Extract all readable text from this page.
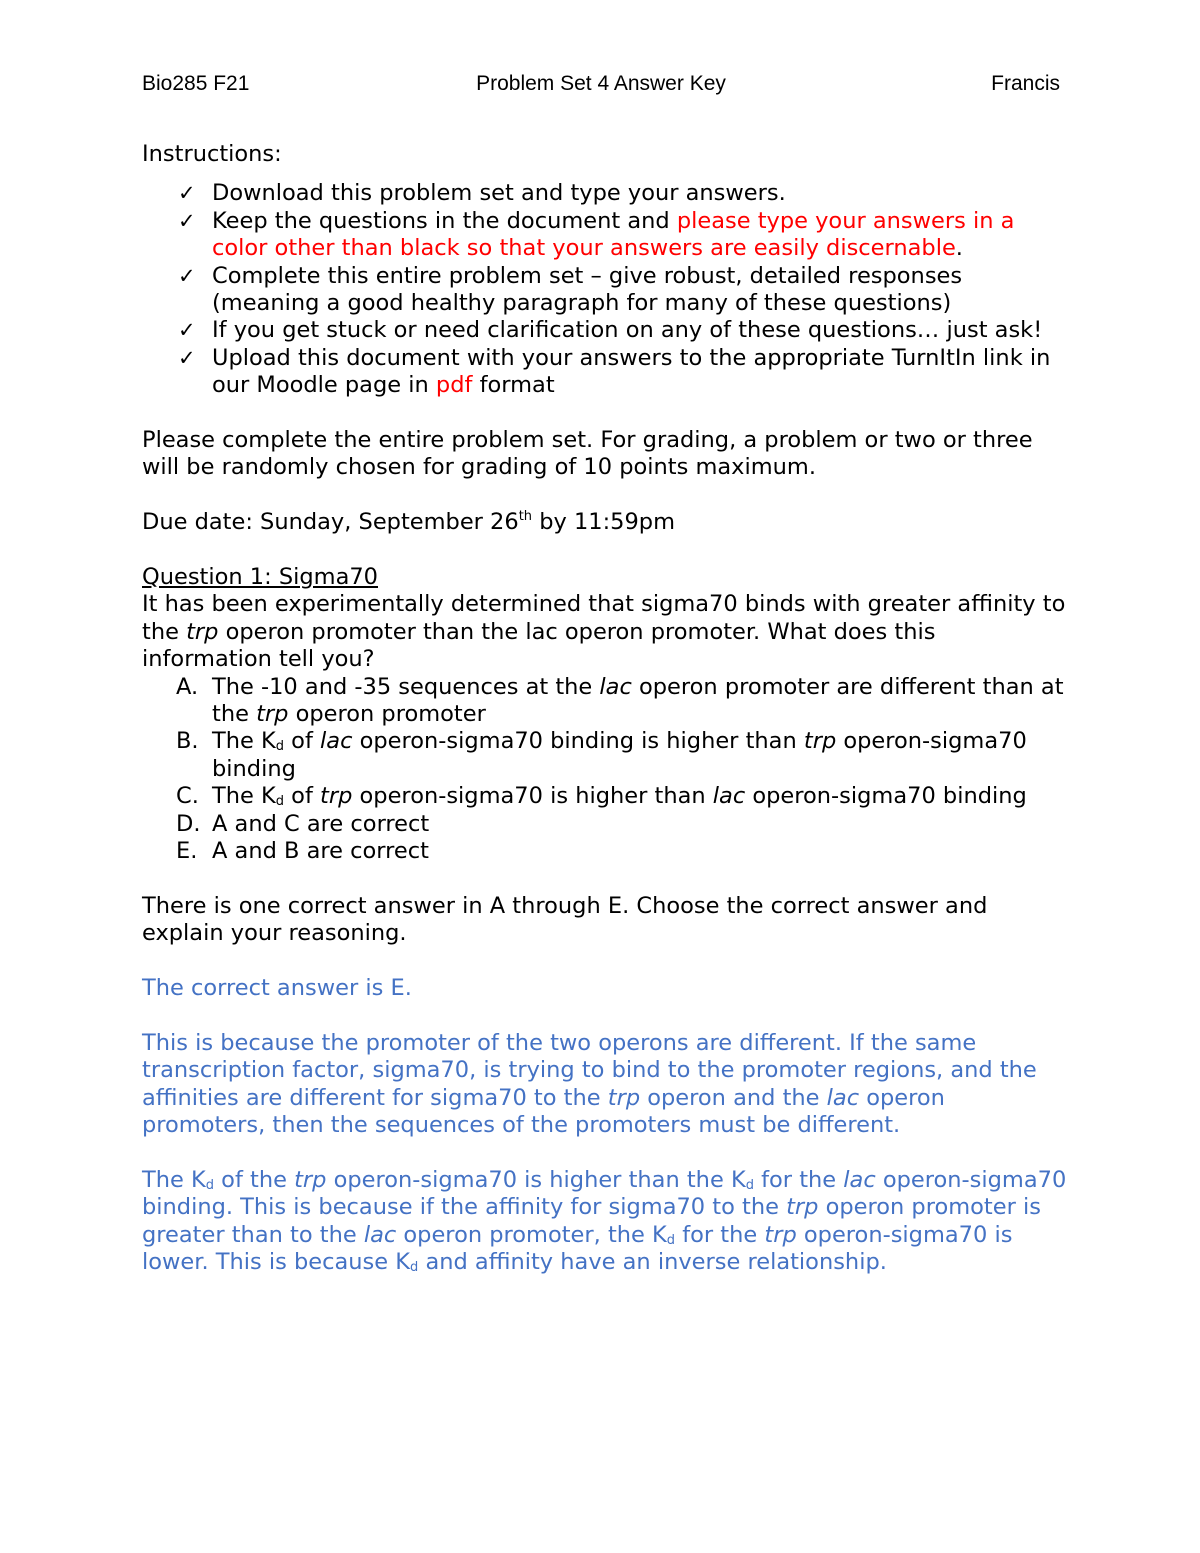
Bio285 F21	Problem Set 4 Answer Key	Francis

Instructions:

✓ Download this problem set and type your answers.
✓ Keep the questions in the document and please type your answers in a color other than black so that your answers are easily discernable.
✓ Complete this entire problem set – give robust, detailed responses (meaning a good healthy paragraph for many of these questions)
✓ If you get stuck or need clarification on any of these questions… just ask!
✓ Upload this document with your answers to the appropriate TurnItIn link in our Moodle page in pdf format

Please complete the entire problem set. For grading, a problem or two or three will be randomly chosen for grading of 10 points maximum.

Due date: Sunday, September 26th by 11:59pm

Question 1: Sigma70

It has been experimentally determined that sigma70 binds with greater affinity to the trp operon promoter than the lac operon promoter. What does this information tell you?

A. The -10 and -35 sequences at the lac operon promoter are different than at the trp operon promoter
B. The $K_d$ of lac operon-sigma70 binding is higher than trp operon-sigma70 binding
C. The $K_d$ of trp operon-sigma70 is higher than lac operon-sigma70 binding
D. A and C are correct
E. A and B are correct

There is one correct answer in A through E. Choose the correct answer and explain your reasoning.

The correct answer is E.

This is because the promoter of the two operons are different. If the same transcription factor, sigma70, is trying to bind to the promoter regions, and the affinities are different for sigma70 to the trp operon and the lac operon promoters, then the sequences of the promoters must be different.

The $K_d$ of the trp operon-sigma70 is higher than the $K_d$ for the lac operon-sigma70 binding. This is because if the affinity for sigma70 to the trp operon promoter is greater than to the lac operon promoter, the $K_d$ for the trp operon-sigma70 is lower. This is because $K_d$ and affinity have an inverse relationship.
